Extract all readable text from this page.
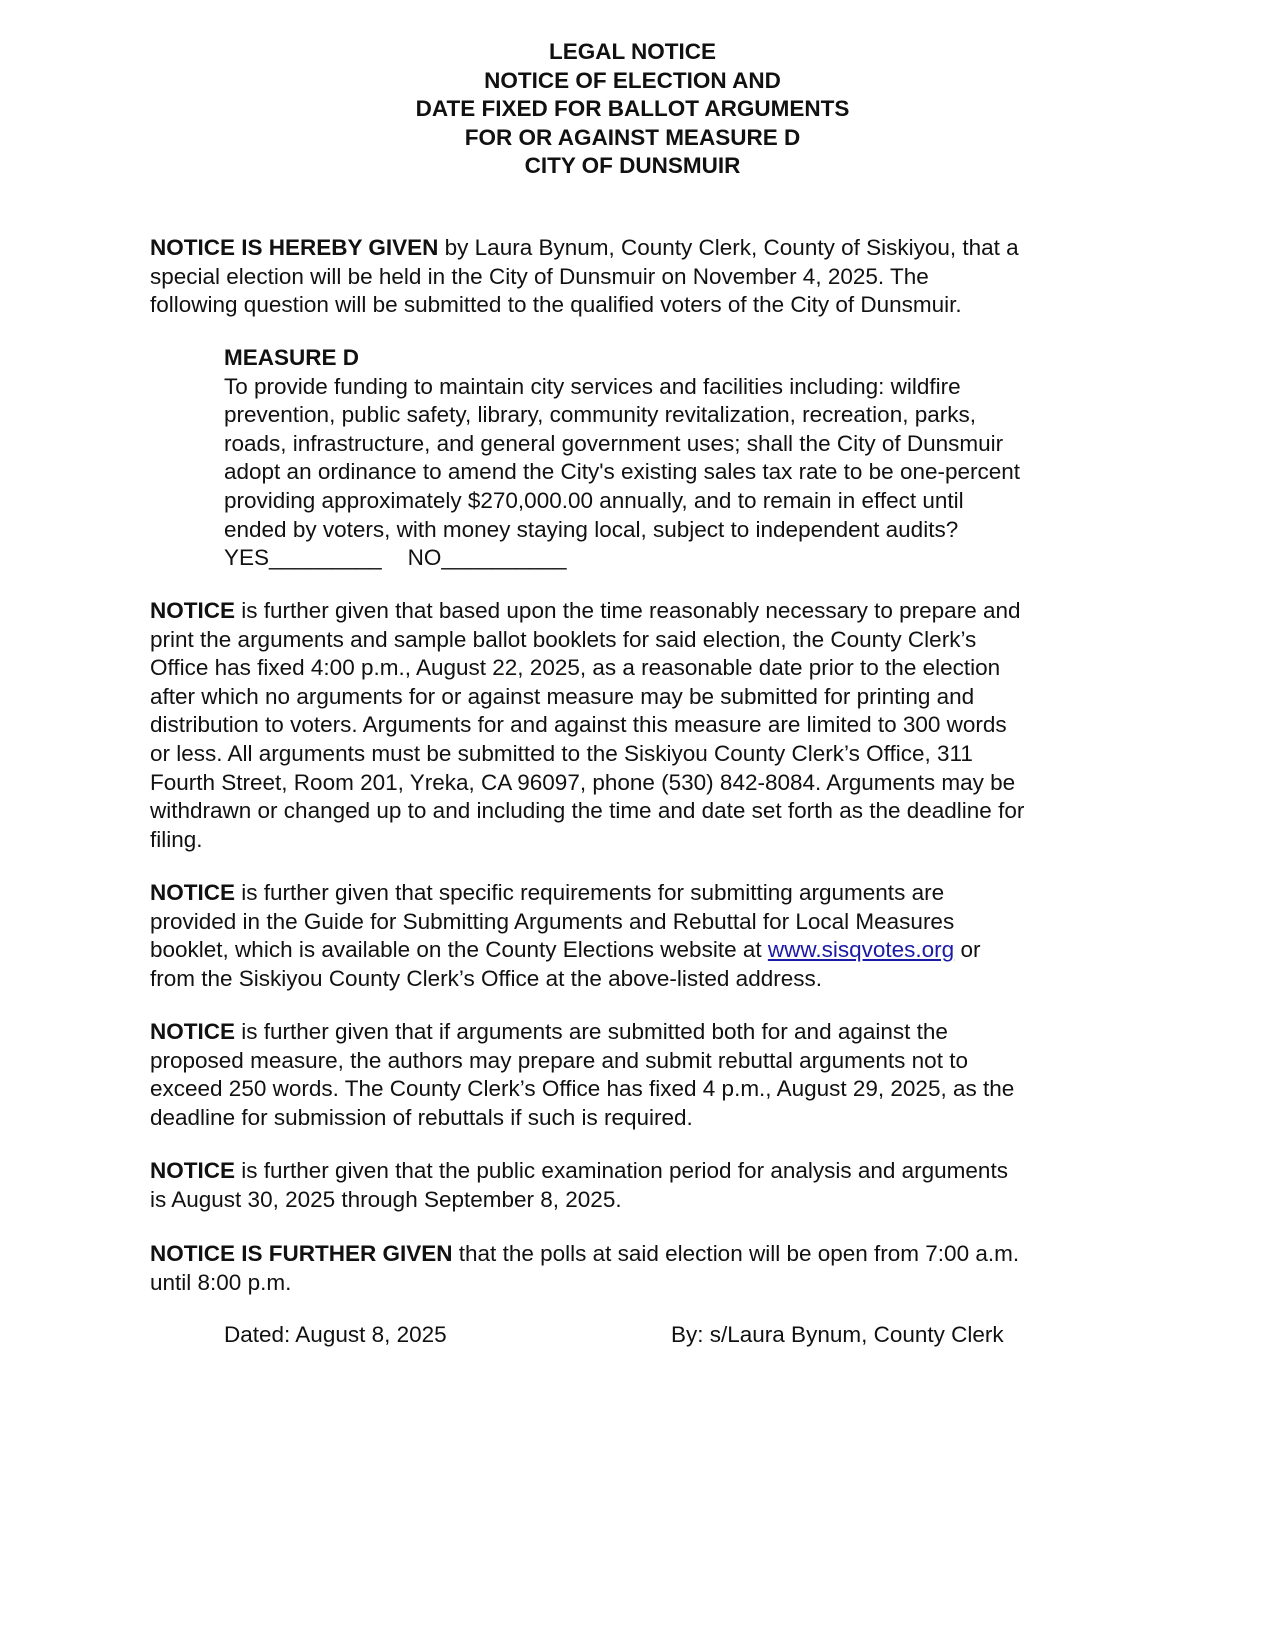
LEGAL NOTICE
NOTICE OF ELECTION AND
DATE FIXED FOR BALLOT ARGUMENTS
FOR OR AGAINST MEASURE D
CITY OF DUNSMUIR
NOTICE IS HEREBY GIVEN by Laura Bynum, County Clerk, County of Siskiyou, that a
special election will be held in the City of Dunsmuir on November 4, 2025. The
following question will be submitted to the qualified voters of the City of Dunsmuir.
MEASURE D
To provide funding to maintain city services and facilities including: wildfire
prevention, public safety, library, community revitalization, recreation, parks,
roads, infrastructure, and general government uses; shall the City of Dunsmuir
adopt an ordinance to amend the City's existing sales tax rate to be one-percent
providing approximately $270,000.00 annually, and to remain in effect until
ended by voters, with money staying local, subject to independent audits?
YES_________ NO__________
NOTICE is further given that based upon the time reasonably necessary to prepare and
print the arguments and sample ballot booklets for said election, the County Clerk’s
Office has fixed 4:00 p.m., August 22, 2025, as a reasonable date prior to the election
after which no arguments for or against measure may be submitted for printing and
distribution to voters. Arguments for and against this measure are limited to 300 words
or less. All arguments must be submitted to the Siskiyou County Clerk’s Office, 311
Fourth Street, Room 201, Yreka, CA 96097, phone (530) 842-8084. Arguments may be
withdrawn or changed up to and including the time and date set forth as the deadline for
filing.
NOTICE is further given that specific requirements for submitting arguments are
provided in the Guide for Submitting Arguments and Rebuttal for Local Measures
booklet, which is available on the County Elections website at www.sisqvotes.org or
from the Siskiyou County Clerk’s Office at the above-listed address.
NOTICE is further given that if arguments are submitted both for and against the
proposed measure, the authors may prepare and submit rebuttal arguments not to
exceed 250 words. The County Clerk’s Office has fixed 4 p.m., August 29, 2025, as the
deadline for submission of rebuttals if such is required.
NOTICE is further given that the public examination period for analysis and arguments
is August 30, 2025 through September 8, 2025.
NOTICE IS FURTHER GIVEN that the polls at said election will be open from 7:00 a.m.
until 8:00 p.m.
Dated: August 8, 2025	By: s/Laura Bynum, County Clerk
